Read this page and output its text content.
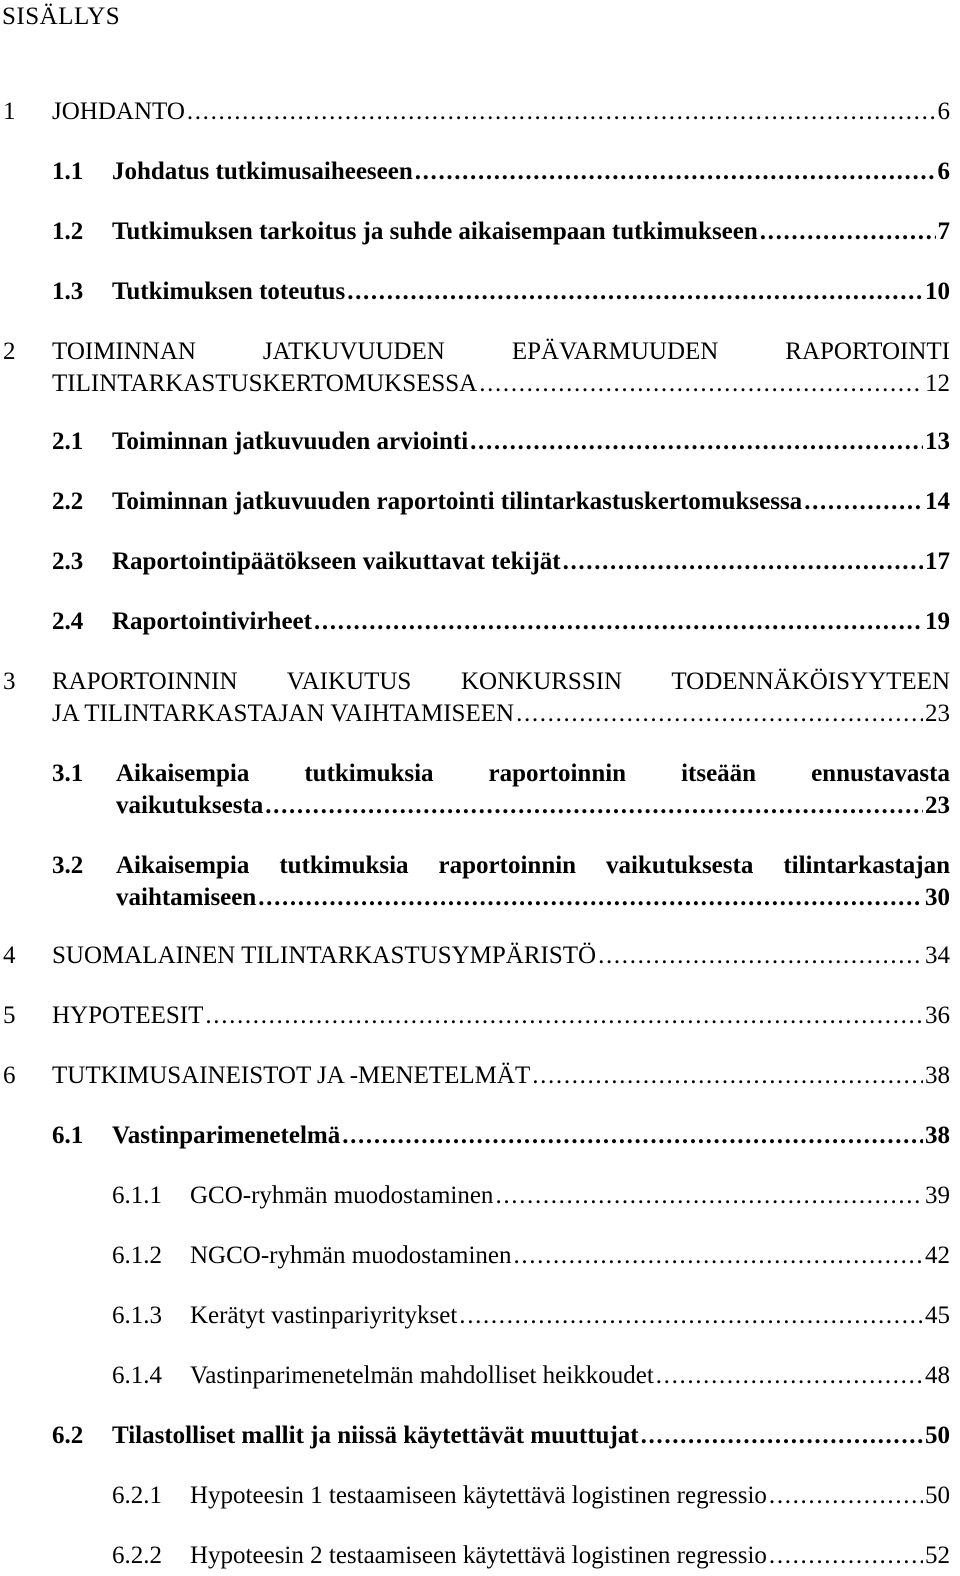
SISÄLLYS
1 JOHDANTO . . .	6
1.1 Johdatus tutkimusaiheeseen . . .	6
1.2 Tutkimuksen tarkoitus ja suhde aikaisempaan tutkimukseen . . .	7
1.3 Tutkimuksen toteutus . . .	10
2 TOIMINNAN JATKUVUUDEN EPÄVARMUUDEN RAPORTOINTI
TILINTARKASTUSKERTOMUKSESSA . . .	12
2.1 Toiminnan jatkuvuuden arviointi . . .	13
2.2 Toiminnan jatkuvuuden raportointi tilintarkastuskertomuksessa . . .	14
2.3 Raportointipäätökseen vaikuttavat tekijät . . .	17
2.4 Raportointivirheet . . .	19
3 RAPORTOINNIN VAIKUTUS KONKURSSIN TODENNÄKÖISYYTEEN
JA TILINTARKASTAJAN VAIHTAMISEEN . . .	23
3.1 Aikaisempia tutkimuksia raportoinnin itseään ennustavasta
vaikutuksesta . . .	23
3.2 Aikaisempia tutkimuksia raportoinnin vaikutuksesta tilintarkastajan
vaihtamiseen . . .	30
4 SUOMALAINEN TILINTARKASTUSYMPÄRISTÖ . . .	34
5 HYPOTEESIT . . .	36
6 TUTKIMUSAINEISTOT JA -MENETELMÄT . . .	38
6.1 Vastinparimenetelmä . . .	38
6.1.1 GCO-ryhmän muodostaminen . . .	39
6.1.2 NGCO-ryhmän muodostaminen . . .	42
6.1.3 Kerätyt vastinpariyritykset . . .	45
6.1.4 Vastinparimenetelmän mahdolliset heikkoudet . . .	48
6.2 Tilastolliset mallit ja niissä käytettävät muuttujat . . .	50
6.2.1 Hypoteesin 1 testaamiseen käytettävä logistinen regressio . . .	50
6.2.2 Hypoteesin 2 testaamiseen käytettävä logistinen regressio . . .	52
